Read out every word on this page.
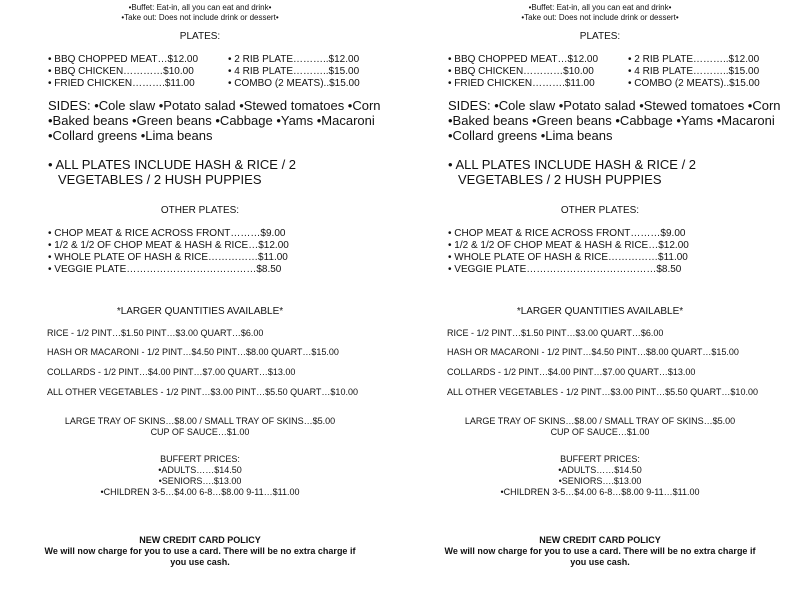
•Buffet: Eat-in, all you can eat and drink•
•Take out: Does not include drink or dessert•
PLATES:
• BBQ CHOPPED MEAT…$12.00
• BBQ CHICKEN…………$10.00
• FRIED CHICKEN……….$11.00
• 2 RIB PLATE………..$12.00
• 4 RIB PLATE………..$15.00
• COMBO (2 MEATS)..$15.00
SIDES: •Cole slaw •Potato salad •Stewed tomatoes •Corn
•Baked beans •Green beans •Cabbage •Yams •Macaroni
•Collard greens •Lima beans
• ALL PLATES INCLUDE HASH & RICE / 2
VEGETABLES / 2 HUSH PUPPIES
OTHER PLATES:
• CHOP MEAT & RICE ACROSS FRONT………$9.00
• 1/2 & 1/2 OF CHOP MEAT & HASH & RICE…$12.00
• WHOLE PLATE OF HASH & RICE……………$11.00
• VEGGIE PLATE…………………………………$8.50
*LARGER QUANTITIES AVAILABLE*
RICE - 1/2 PINT…$1.50 PINT…$3.00 QUART…$6.00
HASH OR MACARONI - 1/2 PINT…$4.50 PINT…$8.00 QUART…$15.00
COLLARDS - 1/2 PINT…$4.00 PINT…$7.00 QUART…$13.00
ALL OTHER VEGETABLES - 1/2 PINT…$3.00 PINT…$5.50 QUART…$10.00
LARGE TRAY OF SKINS…$8.00 / SMALL TRAY OF SKINS…$5.00
CUP OF SAUCE…$1.00
BUFFERT PRICES:
•ADULTS……$14.50
•SENIORS….$13.00
•CHILDREN 3-5…$4.00 6-8…$8.00 9-11…$11.00
NEW CREDIT CARD POLICY
We will now charge for you to use a card. There will be no extra charge if
you use cash.
•Buffet: Eat-in, all you can eat and drink•
•Take out: Does not include drink or dessert•
PLATES:
• BBQ CHOPPED MEAT…$12.00
• BBQ CHICKEN…………$10.00
• FRIED CHICKEN……….$11.00
• 2 RIB PLATE………..$12.00
• 4 RIB PLATE………..$15.00
• COMBO (2 MEATS)..$15.00
SIDES: •Cole slaw •Potato salad •Stewed tomatoes •Corn
•Baked beans •Green beans •Cabbage •Yams •Macaroni
•Collard greens •Lima beans
• ALL PLATES INCLUDE HASH & RICE / 2
VEGETABLES / 2 HUSH PUPPIES
OTHER PLATES:
• CHOP MEAT & RICE ACROSS FRONT………$9.00
• 1/2 & 1/2 OF CHOP MEAT & HASH & RICE…$12.00
• WHOLE PLATE OF HASH & RICE……………$11.00
• VEGGIE PLATE…………………………………$8.50
*LARGER QUANTITIES AVAILABLE*
RICE - 1/2 PINT…$1.50 PINT…$3.00 QUART…$6.00
HASH OR MACARONI - 1/2 PINT…$4.50 PINT…$8.00 QUART…$15.00
COLLARDS - 1/2 PINT…$4.00 PINT…$7.00 QUART…$13.00
ALL OTHER VEGETABLES - 1/2 PINT…$3.00 PINT…$5.50 QUART…$10.00
LARGE TRAY OF SKINS…$8.00 / SMALL TRAY OF SKINS…$5.00
CUP OF SAUCE…$1.00
BUFFERT PRICES:
•ADULTS……$14.50
•SENIORS….$13.00
•CHILDREN 3-5…$4.00 6-8…$8.00 9-11…$11.00
NEW CREDIT CARD POLICY
We will now charge for you to use a card. There will be no extra charge if
you use cash.
